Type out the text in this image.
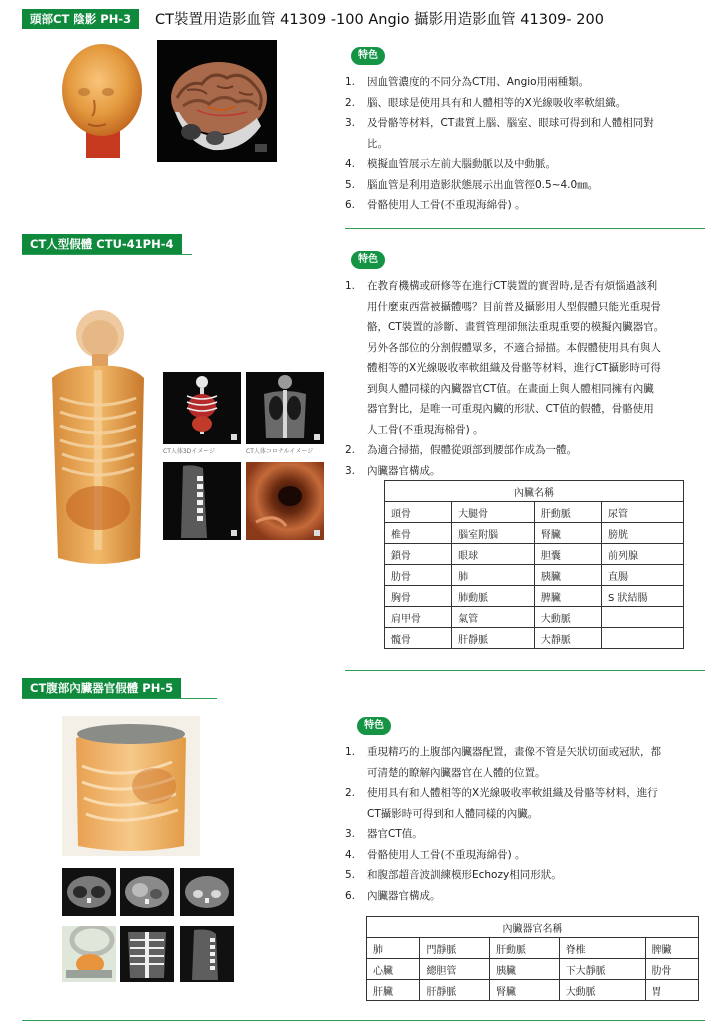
頭部CT 陰影 PH-3	CT裝置用造影血管 41309 -100 Angio 攝影用造影血管 41309- 200
特色
1. 因血管濃度的不同分為CT用、Angio用兩種類。
2. 腦、眼球是使用具有和人體相等的X光線吸收率軟組織。
3. 及骨骼等材料，CT畫質上腦、腦室、眼球可得到和人體相同對
比。
4. 模擬血管展示左前大腦動脈以及中動脈。
5. 腦血管是利用造影狀態展示出血管徑0.5~4.0㎜。
6. 骨骼使用人工骨(不重現海綿骨) 。
CT人型假體 CTU-41PH-4
CT人体3Dイメージ	CT人体コロナルイメージ
特色
1. 在教育機構或研修等在進行CT裝置的實習時,是否有煩惱過該利
用什麼東西當被攝體嗎？目前普及攝影用人型假體只能光重現骨
骼，CT裝置的診斷、畫質管理卻無法重現重要的模擬內臟器官。
另外各部位的分割假體眾多，不適合掃描。本假體使用具有與人
體相等的X光線吸收率軟組織及骨骼等材料，進行CT攝影時可得
到與人體同樣的內臟器官CT值。在畫面上與人體相同擁有內臟
器官對比，是唯一可重現內臟的形狀、CT值的假體，骨骼使用
人工骨(不重現海棉骨) 。
2. 為適合掃描，假體從頭部到腰部作成為一體。
3. 內臟器官構成。
內臟名稱			
頭骨	大腿骨	肝動脈	尿管
椎骨	腦室附腦	腎臟	膀胱
鎖骨	眼球	胆囊	前列腺
肋骨	肺	胰臟	直腸
胸骨	肺動脈	脾臟	S 狀結腸
肩甲骨	氣管	大動脈	
髖骨	肝靜脈	大靜脈	
CT腹部內臟器官假體 PH-5
特色
1. 重現精巧的上腹部內臟器配置，畫像不管是矢狀切面或冠狀，都
可清楚的瞭解內臟器官在人體的位置。
2. 使用具有和人體相等的X光線吸收率軟組織及骨骼等材料，進行
CT攝影時可得到和人體同樣的內臟。
3. 器官CT值。
4. 骨骼使用人工骨(不重現海綿骨) 。
5. 和腹部超音波訓練模形Echozy相同形狀。
6. 內臟器官構成。
內臟器官名稱				
肺	門靜脈	肝動脈	脊椎	脾臟
心臟	總胆管	胰臟	下大靜脈	肋骨
肝臟	肝靜脈	腎臟	大動脈	胃
